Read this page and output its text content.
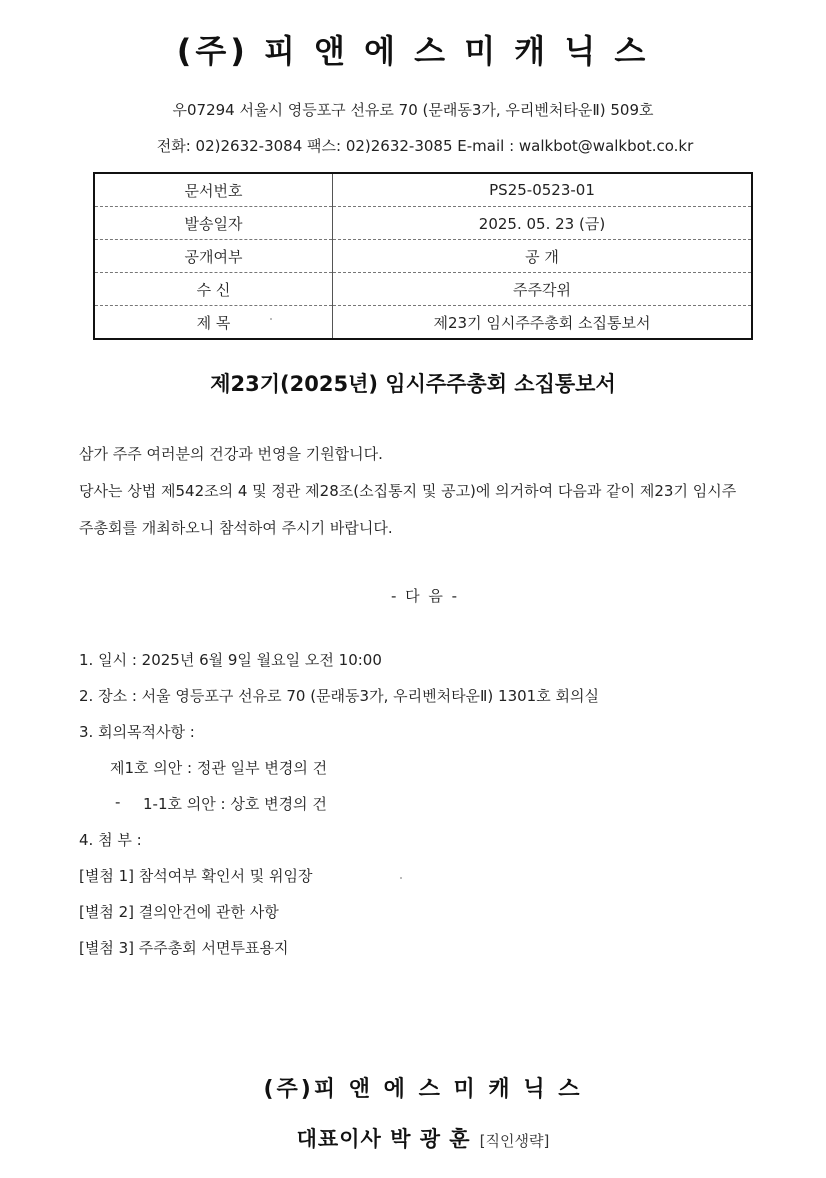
(주) 피 앤 에 스 미 캐 닉 스
우07294 서울시 영등포구 선유로 70 (문래동3가, 우리벤처타운Ⅱ) 509호
전화: 02)2632-3084 팩스: 02)2632-3085 E-mail : walkbot@walkbot.co.kr
문서번호	PS25-0523-01
발송일자	2025. 05. 23 (금)
공개여부	공 개
수 신	주주각위
제 목	제23기 임시주주총회 소집통보서
제23기(2025년) 임시주주총회 소집통보서
삼가 주주 여러분의 건강과 번영을 기원합니다.
당사는 상법 제542조의 4 및 정관 제28조(소집통지 및 공고)에 의거하여 다음과 같이 제23기 임시주
주총회를 개최하오니 참석하여 주시기 바랍니다.
- 다 음 -
1. 일시 : 2025년 6월 9일 월요일 오전 10:00
2. 장소 : 서울 영등포구 선유로 70 (문래동3가, 우리벤처타운Ⅱ) 1301호 회의실
3. 회의목적사항 :
제1호 의안 : 정관 일부 변경의 건
- 1-1호 의안 : 상호 변경의 건
4. 첨 부 :
[별첨 1] 참석여부 확인서 및 위임장
[별첨 2] 결의안건에 관한 사항
[별첨 3] 주주총회 서면투표용지
(주)피 앤 에 스 미 캐 닉 스
대표이사 박 광 훈 [직인생략]
